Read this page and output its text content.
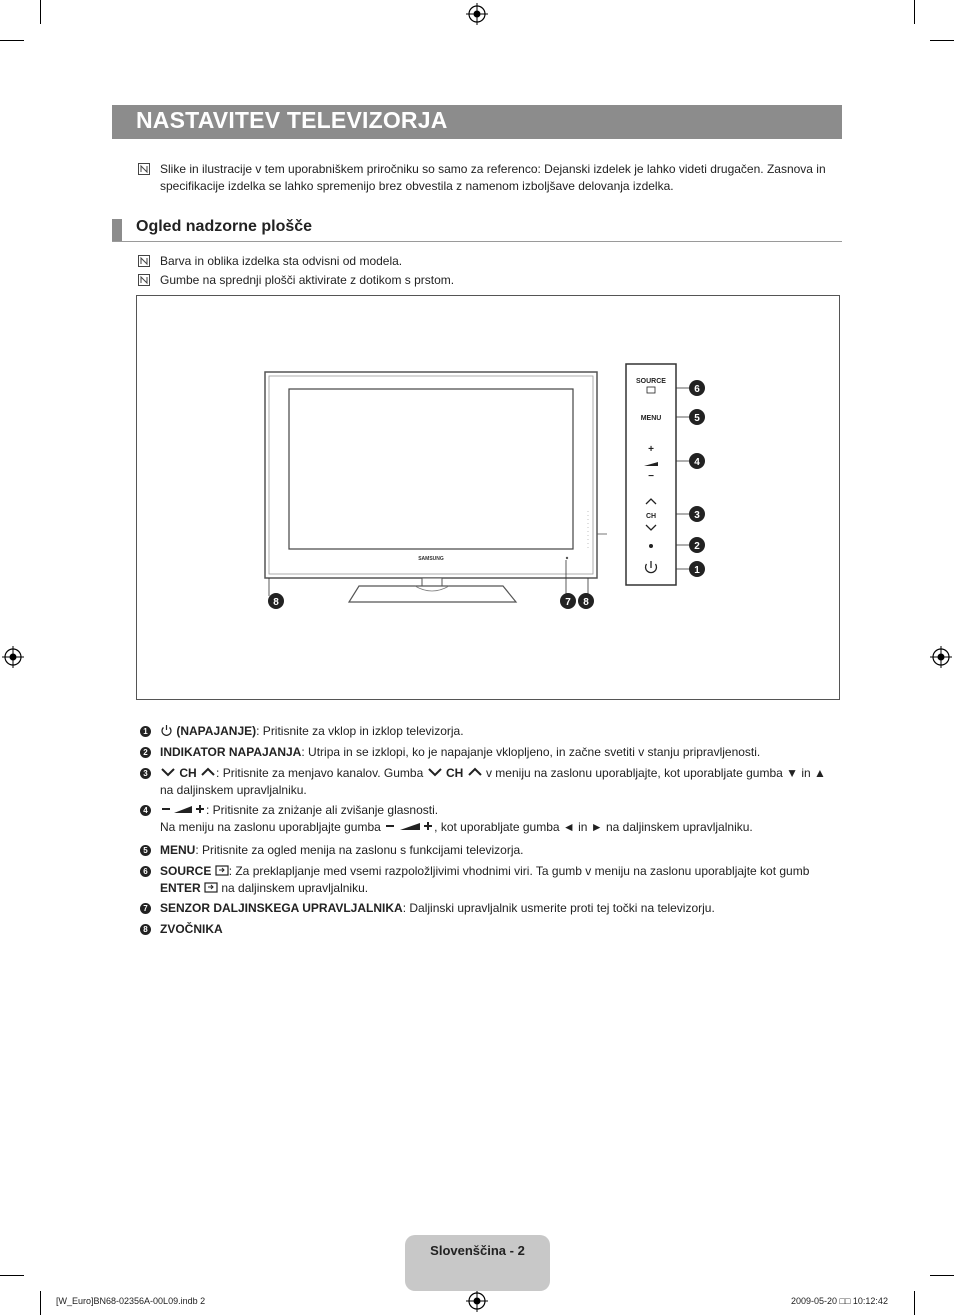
NASTAVITEV TELEVIZORJA
Slike in ilustracije v tem uporabniškem priročniku so samo za referenco: Dejanski izdelek je lahko videti drugačen. Zasnova in specifikacije izdelka se lahko spremenijo brez obvestila z namenom izboljšave delovanja izdelka.
Ogled nadzorne plošče
Barva in oblika izdelka sta odvisni od modela.
Gumbe na sprednji plošči aktivirate z dotikom s prstom.
SAMSUNG
SOURCE
MENU
+
−
CH
6
5
4
3
2
1
8	7 8
1	(NAPAJANJE): Pritisnite za vklop in izklop televizorja.
2 INDIKATOR NAPAJANJA: Utripa in se izklopi, ko je napajanje vklopljeno, in začne svetiti v stanju pripravljenosti.
3	CH : Pritisnite za menjavo kanalov. Gumba CH v meniju na zaslonu uporabljajte, kot uporabljate gumba ▼ in ▲
na daljinskem upravljalniku.
4	: Pritisnite za zniżanje ali zvišanje glasnosti.
Na meniju na zaslonu uporabljajte gumba	, kot uporabljate gumba ◄ in ► na daljinskem upravljalniku.
5 MENU: Pritisnite za ogled menija na zaslonu s funkcijami televizorja.
6 SOURCE : Za preklapljanje med vsemi razpoložljivimi vhodnimi viri. Ta gumb v meniju na zaslonu uporabljajte kot gumb
ENTER na daljinskem upravljalniku.
7 SENZOR DALJINSKEGA UPRAVLJALNIKA: Daljinski upravljalnik usmerite proti tej točki na televizorju.
8 ZVOČNIKA
Slovenščina - 2
[W_Euro]BN68-02356A-00L09.indb 2	2009-05-20 □□ 10:12:42
